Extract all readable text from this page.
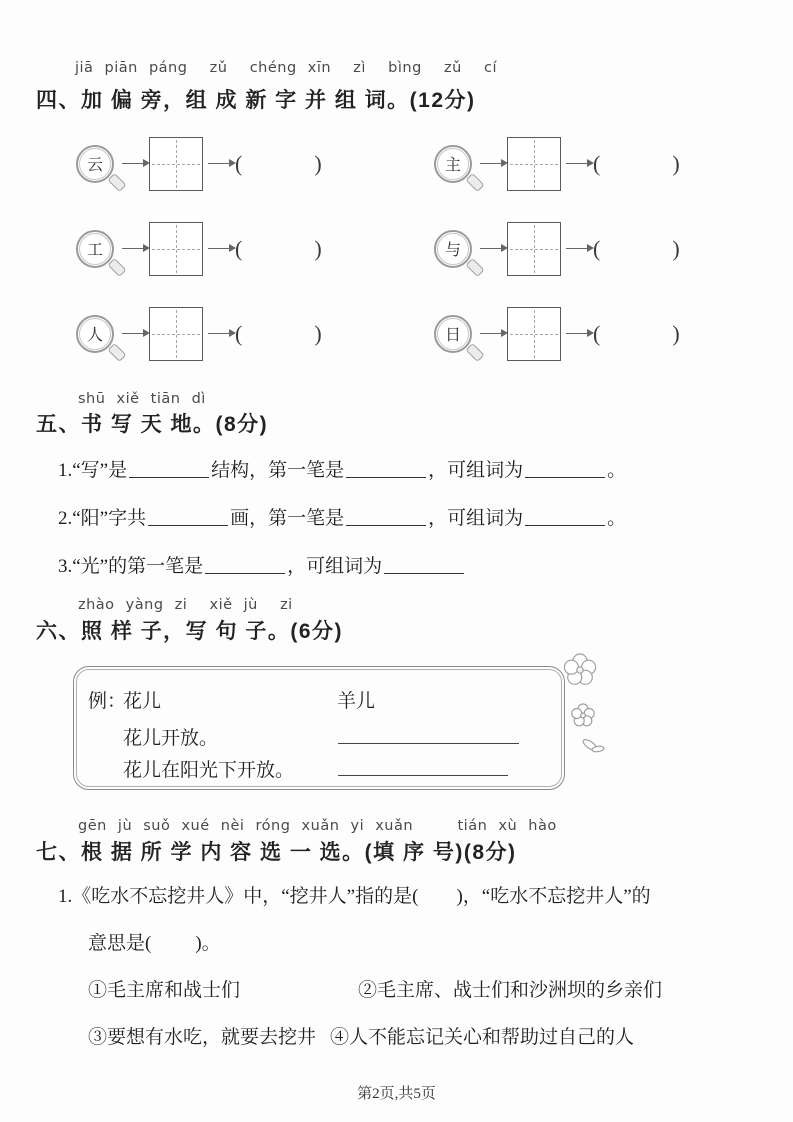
jiā piān páng  zǔ  chéng xīn  zì  bìng  zǔ  cí
四、加 偏 旁，组 成 新 字 并 组 词。(12分)
云	(	)	主	(	)
工	(	)	与	(	)
人	(	)	日	(	)
shū xiě tiān dì
五、书 写 天 地。(8分)
1.“写”是	结构，第一笔是	，可组词为	。
2.“阳”字共	画，第一笔是	，可组词为	。
3.“光”的第一笔是	，可组词为
zhào yàng zi  xiě jù  zi
六、照 样 子，写 句 子。(6分)
例：
花儿	羊儿
花儿开放。
花儿在阳光下开放。
gēn jù suǒ xué nèi róng xuǎn yi xuǎn    tián xù hào
七、根 据 所 学 内 容 选 一 选。(填 序 号)(8分)
1.《吃水不忘挖井人》中，“挖井人”指的是( )，“吃水不忘挖井人”的
意思是( )。
①毛主席和战士们	②毛主席、战士们和沙洲坝的乡亲们
③要想有水吃，就要去挖井 ④人不能忘记关心和帮助过自己的人
第2页,共5页
